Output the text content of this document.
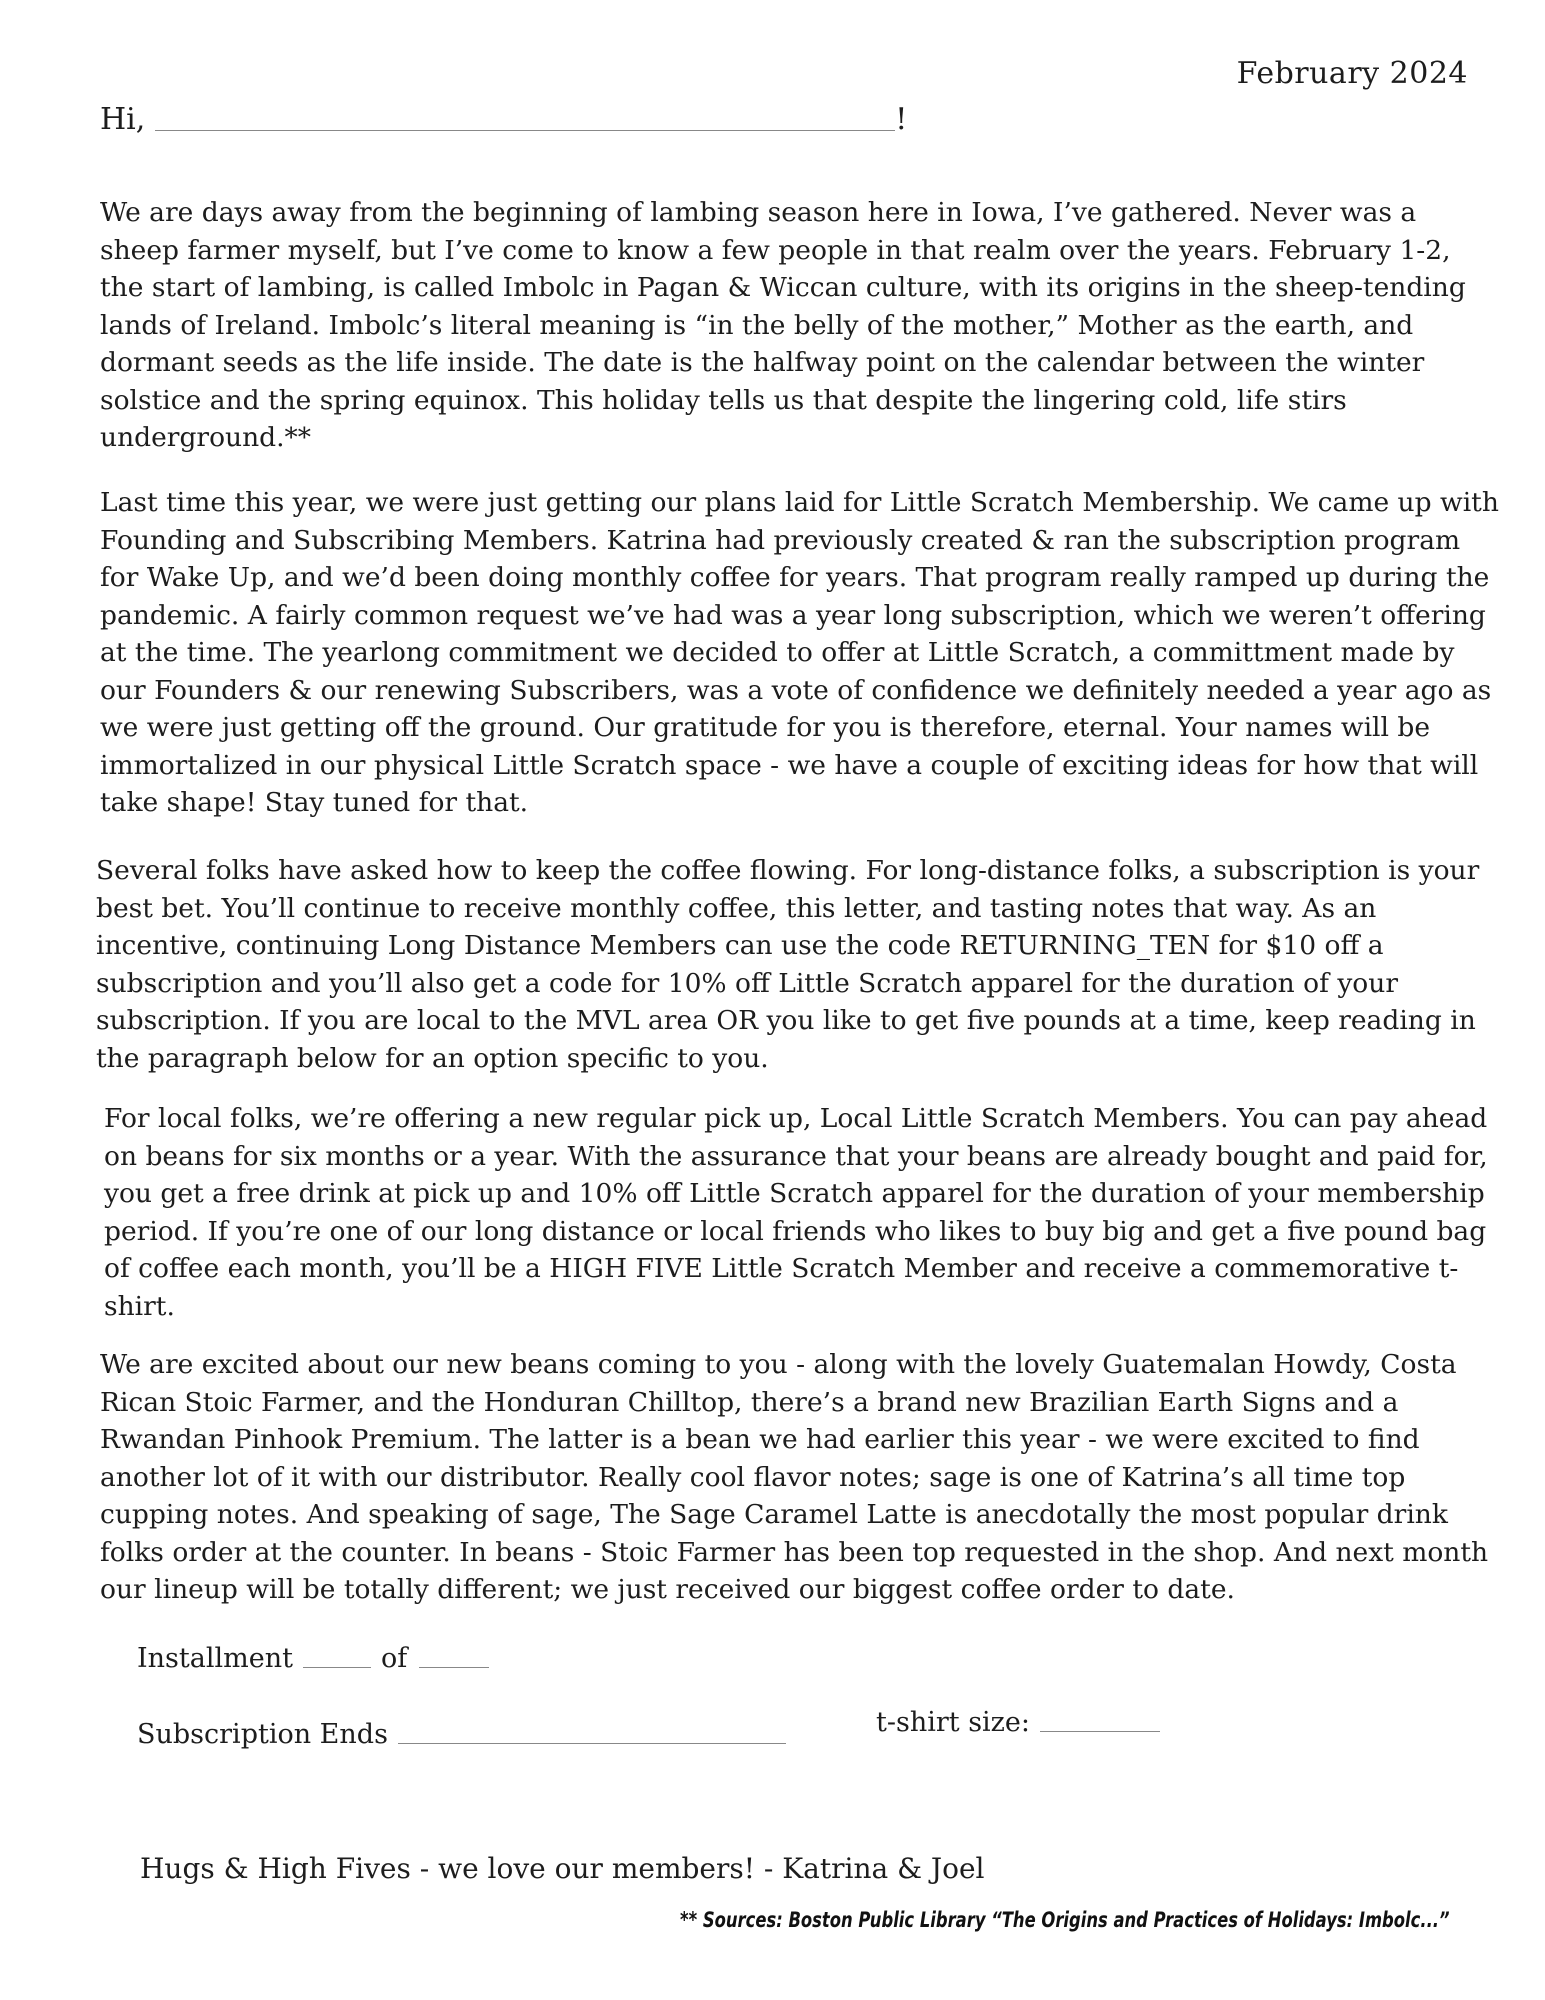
February 2024
Hi,	!

We are days away from the beginning of lambing season here in Iowa, I’ve gathered. Never was a sheep farmer myself, but I’ve come to know a few people in that realm over the years. February 1-2, the start of lambing, is called Imbolc in Pagan & Wiccan culture, with its origins in the sheep-tending lands of Ireland. Imbolc’s literal meaning is “in the belly of the mother,” Mother as the earth, and dormant seeds as the life inside. The date is the halfway point on the calendar between the winter solstice and the spring equinox. This holiday tells us that despite the lingering cold, life stirs underground.**

Last time this year, we were just getting our plans laid for Little Scratch Membership. We came up with Founding and Subscribing Members. Katrina had previously created & ran the subscription program for Wake Up, and we’d been doing monthly coffee for years. That program really ramped up during the pandemic. A fairly common request we’ve had was a year long subscription, which we weren’t offering at the time. The yearlong commitment we decided to offer at Little Scratch, a committment made by our Founders & our renewing Subscribers, was a vote of confidence we definitely needed a year ago as we were just getting off the ground. Our gratitude for you is therefore, eternal. Your names will be immortalized in our physical Little Scratch space - we have a couple of exciting ideas for how that will take shape! Stay tuned for that.

Several folks have asked how to keep the coffee flowing. For long-distance folks, a subscription is your best bet. You’ll continue to receive monthly coffee, this letter, and tasting notes that way. As an incentive, continuing Long Distance Members can use the code RETURNING_TEN for $10 off a subscription and you’ll also get a code for 10% off Little Scratch apparel for the duration of your subscription. If you are local to the MVL area OR you like to get five pounds at a time, keep reading in the paragraph below for an option specific to you.

For local folks, we’re offering a new regular pick up, Local Little Scratch Members. You can pay ahead on beans for six months or a year. With the assurance that your beans are already bought and paid for, you get a free drink at pick up and 10% off Little Scratch apparel for the duration of your membership period. If you’re one of our long distance or local friends who likes to buy big and get a five pound bag of coffee each month, you’ll be a HIGH FIVE Little Scratch Member and receive a commemorative t-shirt.

We are excited about our new beans coming to you - along with the lovely Guatemalan Howdy, Costa Rican Stoic Farmer, and the Honduran Chilltop, there’s a brand new Brazilian Earth Signs and a Rwandan Pinhook Premium. The latter is a bean we had earlier this year - we were excited to find another lot of it with our distributor. Really cool flavor notes; sage is one of Katrina’s all time top cupping notes. And speaking of sage, The Sage Caramel Latte is anecdotally the most popular drink folks order at the counter. In beans - Stoic Farmer has been top requested in the shop. And next month our lineup will be totally different; we just received our biggest coffee order to date.

Installment	of
Subscription Ends	t-shirt size:
Hugs & High Fives - we love our members! - Katrina & Joel
** Sources: Boston Public Library “The Origins and Practices of Holidays: Imbolc...”
